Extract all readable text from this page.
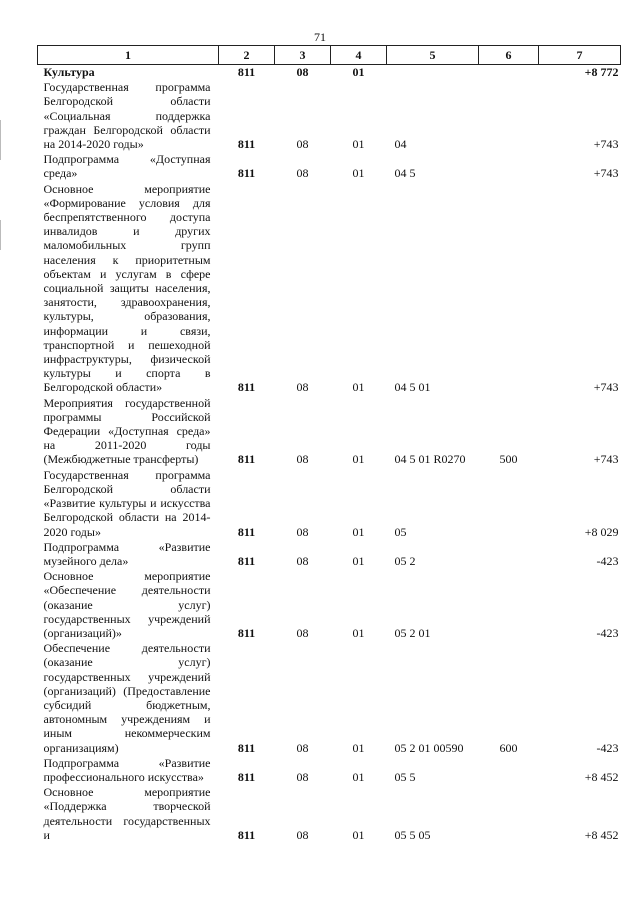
71
1	2	3	4	5	6	7
Культура	811	08	01			+8 772
Государственная программа Белгородской области «Социальная поддержка граждан Белгородской области на 2014-2020 годы»	811	08	01	04		+743
Подпрограмма «Доступная среда»	811	08	01	04 5		+743
Основное мероприятие «Формирование условия для беспрепятственного доступа инвалидов и других маломобильных групп населения к приоритетным объектам и услугам в сфере социальной защиты населения, занятости, здравоохранения, культуры, образования, информации и связи, транспортной и пешеходной инфраструктуры, физической культуры и спорта в Белгородской области»	811	08	01	04 5 01		+743
Мероприятия государственной программы Российской Федерации «Доступная среда» на 2011-2020 годы (Межбюджетные трансферты)	811	08	01	04 5 01 R0270	500	+743
Государственная программа Белгородской области «Развитие культуры и искусства Белгородской области на 2014-2020 годы»	811	08	01	05		+8 029
Подпрограмма «Развитие музейного дела»	811	08	01	05 2		-423
Основное мероприятие «Обеспечение деятельности (оказание услуг) государственных учреждений (организаций)»	811	08	01	05 2 01		-423
Обеспечение деятельности (оказание услуг) государственных учреждений (организаций) (Предоставление субсидий бюджетным, автономным учреждениям и иным некоммерческим организациям)	811	08	01	05 2 01 00590	600	-423
Подпрограмма «Развитие профессионального искусства»	811	08	01	05 5		+8 452
Основное мероприятие «Поддержка творческой деятельности государственных и	811	08	01	05 5 05		+8 452
